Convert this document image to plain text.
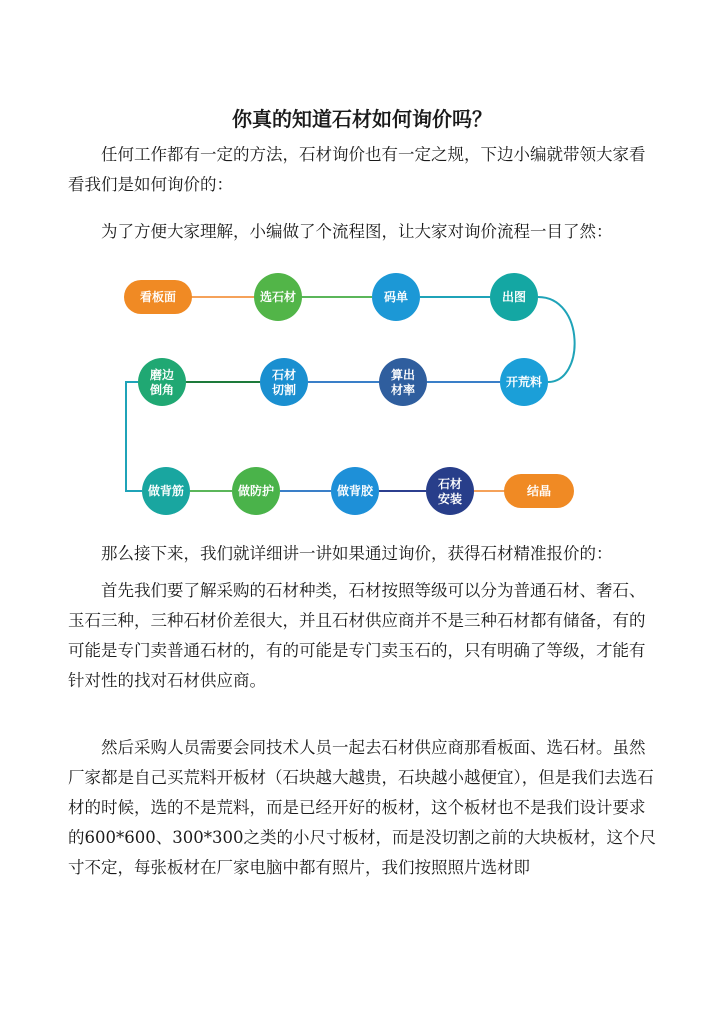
你真的知道石材如何询价吗？

任何工作都有一定的方法，石材询价也有一定之规，下边小编就带领大家看看我们是如何询价的：

为了方便大家理解，小编做了个流程图，让大家对询价流程一目了然：

看板面	选石材	码单	出图
开荒料
算出
材率
石材
切割
磨边
倒角
做背筋	做防护	做背胶	石材
安装
结晶

那么接下来，我们就详细讲一讲如果通过询价，获得石材精准报价的：

首先我们要了解采购的石材种类，石材按照等级可以分为普通石材、奢石、玉石三种，三种石材价差很大，并且石材供应商并不是三种石材都有储备，有的可能是专门卖普通石材的，有的可能是专门卖玉石的，只有明确了等级，才能有针对性的找对石材供应商。

然后采购人员需要会同技术人员一起去石材供应商那看板面、选石材。虽然厂家都是自己买荒料开板材（石块越大越贵，石块越小越便宜），但是我们去选石材的时候，选的不是荒料，而是已经开好的板材，这个板材也不是我们设计要求的600*600、300*300之类的小尺寸板材，而是没切割之前的大块板材，这个尺寸不定，每张板材在厂家电脑中都有照片，我们按照照片选材即
